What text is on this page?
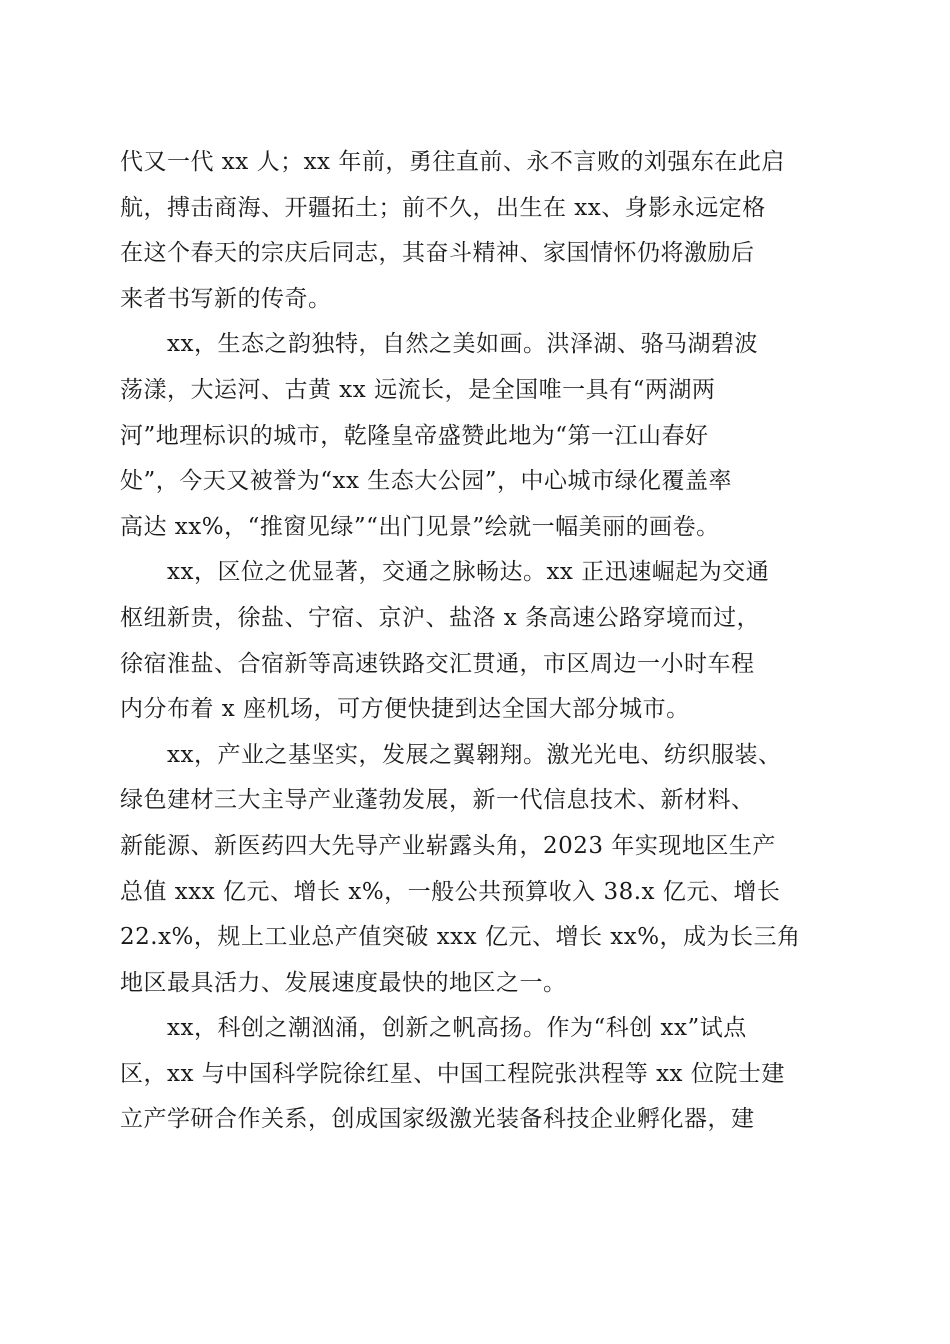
代又一代 xx 人；xx 年前，勇往直前、永不言败的刘强东在此启
航，搏击商海、开疆拓土；前不久，出生在 xx、身影永远定格
在这个春天的宗庆后同志，其奋斗精神、家国情怀仍将激励后
来者书写新的传奇。
xx，生态之韵独特，自然之美如画。洪泽湖、骆马湖碧波
荡漾，大运河、古黄 xx 远流长，是全国唯一具有“两湖两
河”地理标识的城市，乾隆皇帝盛赞此地为“第一江山春好
处”，今天又被誉为“xx 生态大公园”，中心城市绿化覆盖率
高达 xx%，“推窗见绿”“出门见景”绘就一幅美丽的画卷。
xx，区位之优显著，交通之脉畅达。xx 正迅速崛起为交通
枢纽新贵，徐盐、宁宿、京沪、盐洛 x 条高速公路穿境而过，
徐宿淮盐、合宿新等高速铁路交汇贯通，市区周边一小时车程
内分布着 x 座机场，可方便快捷到达全国大部分城市。
xx，产业之基坚实，发展之翼翱翔。激光光电、纺织服装、
绿色建材三大主导产业蓬勃发展，新一代信息技术、新材料、
新能源、新医药四大先导产业崭露头角，2023 年实现地区生产
总值 xxx 亿元、增长 x%，一般公共预算收入 38.x 亿元、增长
22.x%，规上工业总产值突破 xxx 亿元、增长 xx%，成为长三角
地区最具活力、发展速度最快的地区之一。
xx，科创之潮汹涌，创新之帆高扬。作为“科创 xx”试点
区，xx 与中国科学院徐红星、中国工程院张洪程等 xx 位院士建
立产学研合作关系，创成国家级激光装备科技企业孵化器，建
